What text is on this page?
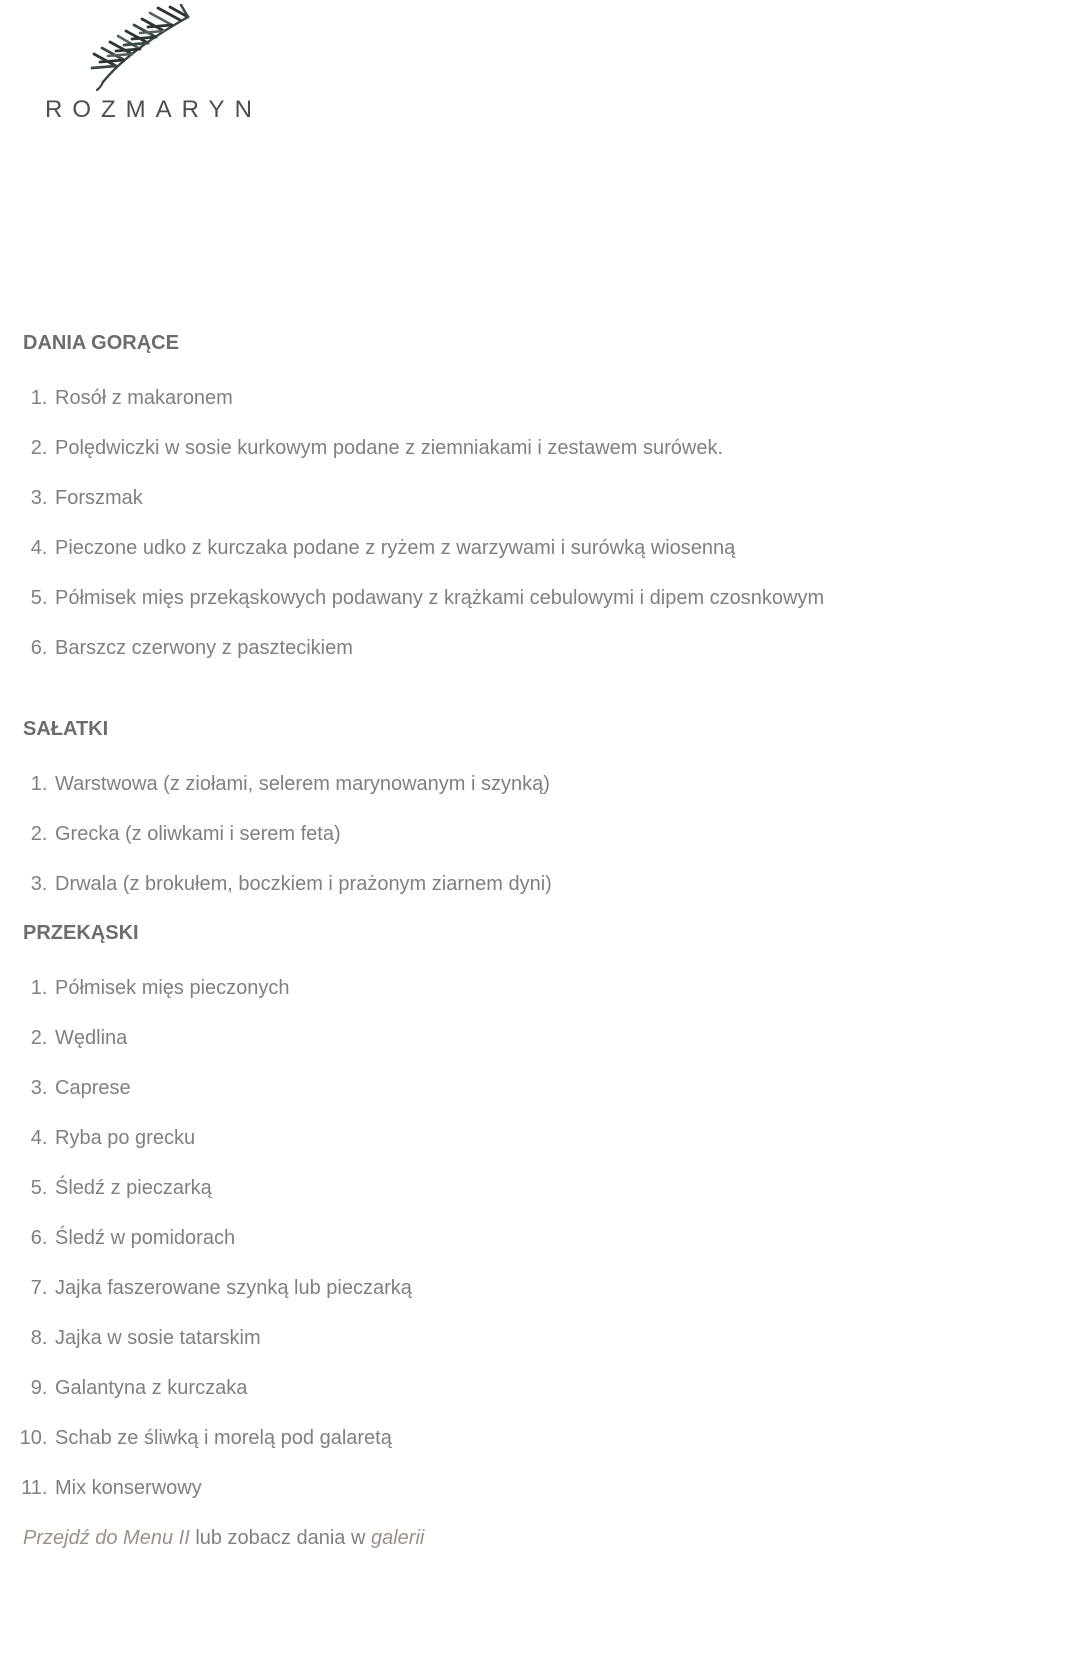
ROZMARYN
DANIA GORĄCE
1. Rosół z makaronem
2. Polędwiczki w sosie kurkowym podane z ziemniakami i zestawem surówek.
3. Forszmak
4. Pieczone udko z kurczaka podane z ryżem z warzywami i surówką wiosenną
5. Półmisek mięs przekąskowych podawany z krążkami cebulowymi i dipem czosnkowym
6. Barszcz czerwony z pasztecikiem
SAŁATKI
1. Warstwowa (z ziołami, selerem marynowanym i szynką)
2. Grecka (z oliwkami i serem feta)
3. Drwala (z brokułem, boczkiem i prażonym ziarnem dyni)
PRZEKĄSKI
1. Półmisek mięs pieczonych
2. Wędlina
3. Caprese
4. Ryba po grecku
5. Śledź z pieczarką
6. Śledź w pomidorach
7. Jajka faszerowane szynką lub pieczarką
8. Jajka w sosie tatarskim
9. Galantyna z kurczaka
10. Schab ze śliwką i morelą pod galaretą
11. Mix konserwowy

Przejdź do Menu II lub zobacz dania w galerii
